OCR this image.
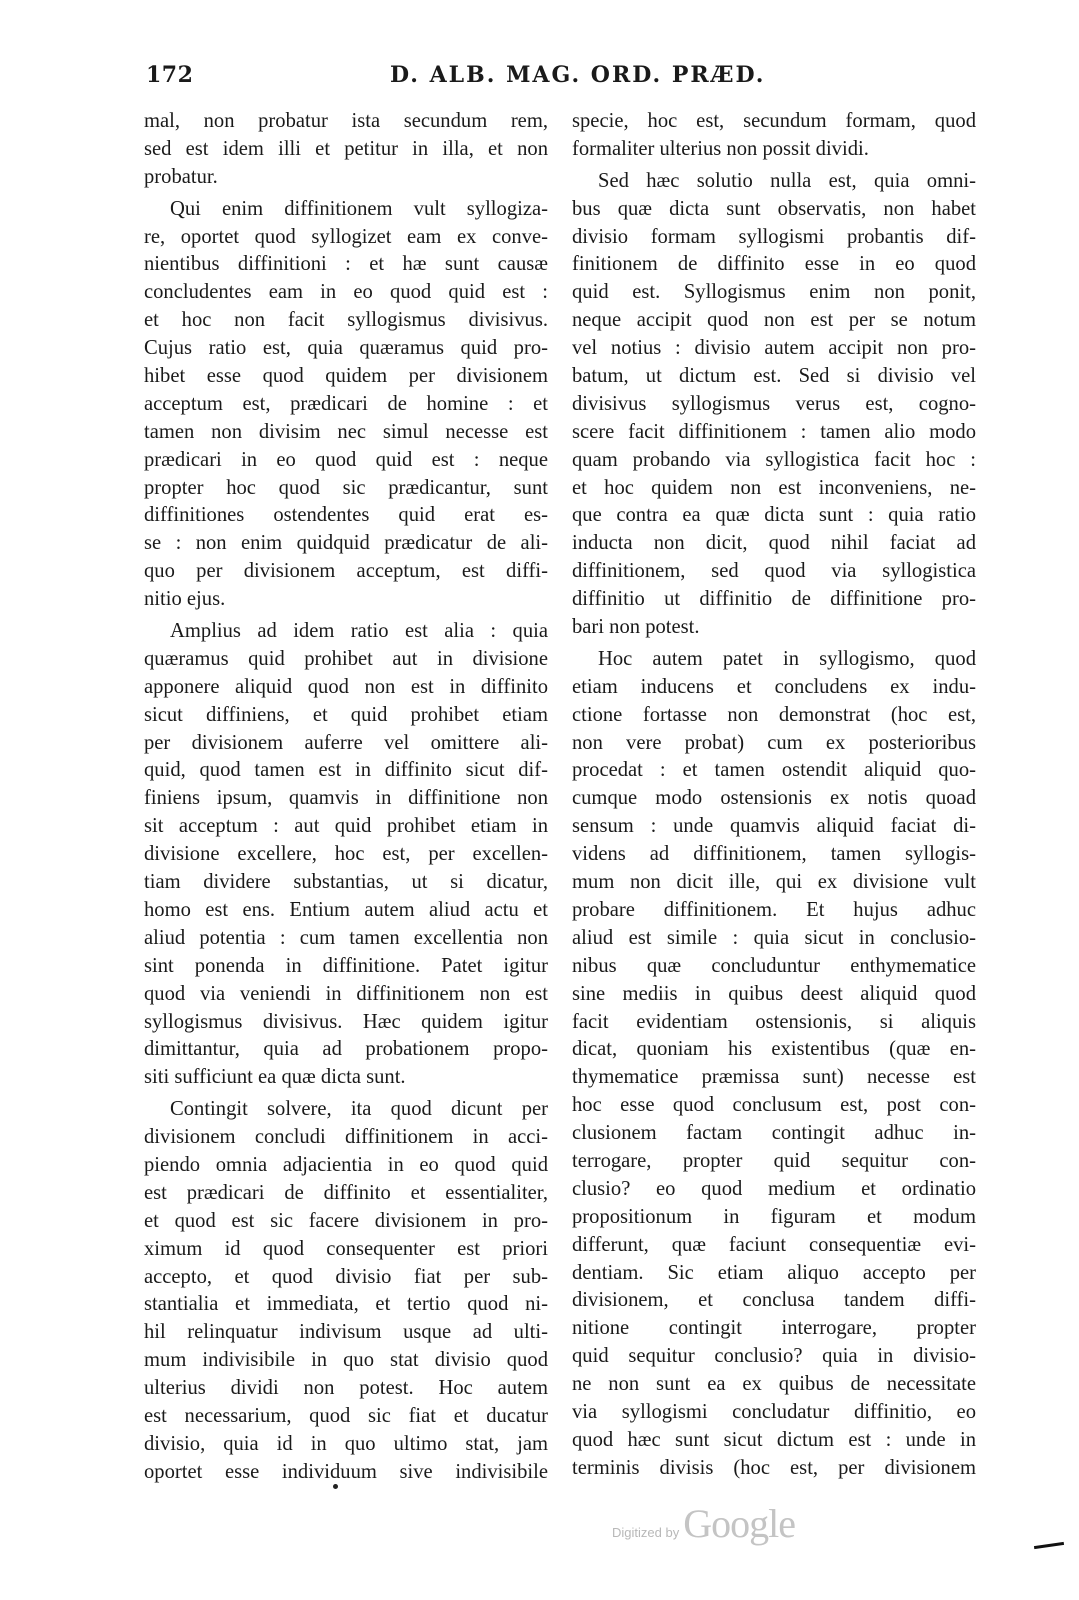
172	D. ALB. MAG. ORD. PRÆD.
mal, non probatur ista secundum rem,
sed est idem illi et petitur in illa, et non
probatur.
Qui enim diffinitionem vult syllogiza-
re, oportet quod syllogizet eam ex conve-
nientibus diffinitioni : et hæ sunt causæ
concludentes eam in eo quod quid est :
et hoc non facit syllogismus divisivus.
Cujus ratio est, quia quæramus quid pro-
hibet esse quod quidem per divisionem
acceptum est, prædicari de homine : et
tamen non divisim nec simul necesse est
prædicari in eo quod quid est : neque
propter hoc quod sic prædicantur, sunt
diffinitiones ostendentes quid erat es-
se : non enim quidquid prædicatur de ali-
quo per divisionem acceptum, est diffi-
nitio ejus.
Amplius ad idem ratio est alia : quia
quæramus quid prohibet aut in divisione
apponere aliquid quod non est in diffinito
sicut diffiniens, et quid prohibet etiam
per divisionem auferre vel omittere ali-
quid, quod tamen est in diffinito sicut dif-
finiens ipsum, quamvis in diffinitione non
sit acceptum : aut quid prohibet etiam in
divisione excellere, hoc est, per excellen-
tiam dividere substantias, ut si dicatur,
homo est ens. Entium autem aliud actu et
aliud potentia : cum tamen excellentia non
sint ponenda in diffinitione. Patet igitur
quod via veniendi in diffinitionem non est
syllogismus divisivus. Hæc quidem igitur
dimittantur, quia ad probationem propo-
siti sufficiunt ea quæ dicta sunt.
Contingit solvere, ita quod dicunt per
divisionem concludi diffinitionem in acci-
piendo omnia adjacientia in eo quod quid
est prædicari de diffinito et essentialiter,
et quod est sic facere divisionem in pro-
ximum id quod consequenter est priori
accepto, et quod divisio fiat per sub-
stantialia et immediata, et tertio quod ni-
hil relinquatur indivisum usque ad ulti-
mum indivisibile in quo stat divisio quod
ulterius dividi non potest. Hoc autem
est necessarium, quod sic fiat et ducatur
divisio, quia id in quo ultimo stat, jam
oportet esse individuum sive indivisibile
specie, hoc est, secundum formam, quod
formaliter ulterius non possit dividi.
Sed hæc solutio nulla est, quia omni-
bus quæ dicta sunt observatis, non habet
divisio formam syllogismi probantis dif-
finitionem de diffinito esse in eo quod
quid est. Syllogismus enim non ponit,
neque accipit quod non est per se notum
vel notius : divisio autem accipit non pro-
batum, ut dictum est. Sed si divisio vel
divisivus syllogismus verus est, cogno-
scere facit diffinitionem : tamen alio modo
quam probando via syllogistica facit hoc :
et hoc quidem non est inconveniens, ne-
que contra ea quæ dicta sunt : quia ratio
inducta non dicit, quod nihil faciat ad
diffinitionem, sed quod via syllogistica
diffinitio ut diffinitio de diffinitione pro-
bari non potest.
Hoc autem patet in syllogismo, quod
etiam inducens et concludens ex indu-
ctione fortasse non demonstrat (hoc est,
non vere probat) cum ex posterioribus
procedat : et tamen ostendit aliquid quo-
cumque modo ostensionis ex notis quoad
sensum : unde quamvis aliquid faciat di-
videns ad diffinitionem, tamen syllogis-
mum non dicit ille, qui ex divisione vult
probare diffinitionem. Et hujus adhuc
aliud est simile : quia sicut in conclusio-
nibus quæ concluduntur enthymematice
sine mediis in quibus deest aliquid quod
facit evidentiam ostensionis, si aliquis
dicat, quoniam his existentibus (quæ en-
thymematice præmissa sunt) necesse est
hoc esse quod conclusum est, post con-
clusionem factam contingit adhuc in-
terrogare, propter quid sequitur con-
clusio? eo quod medium et ordinatio
propositionum in figuram et modum
differunt, quæ faciunt consequentiæ evi-
dentiam. Sic etiam aliquo accepto per
divisionem, et conclusa tandem diffi-
nitione contingit interrogare, propter
quid sequitur conclusio? quia in divisio-
ne non sunt ea ex quibus de necessitate
via syllogismi concludatur diffinitio, eo
quod hæc sunt sicut dictum est : unde in
terminis divisis (hoc est, per divisionem
Digitized by Google
